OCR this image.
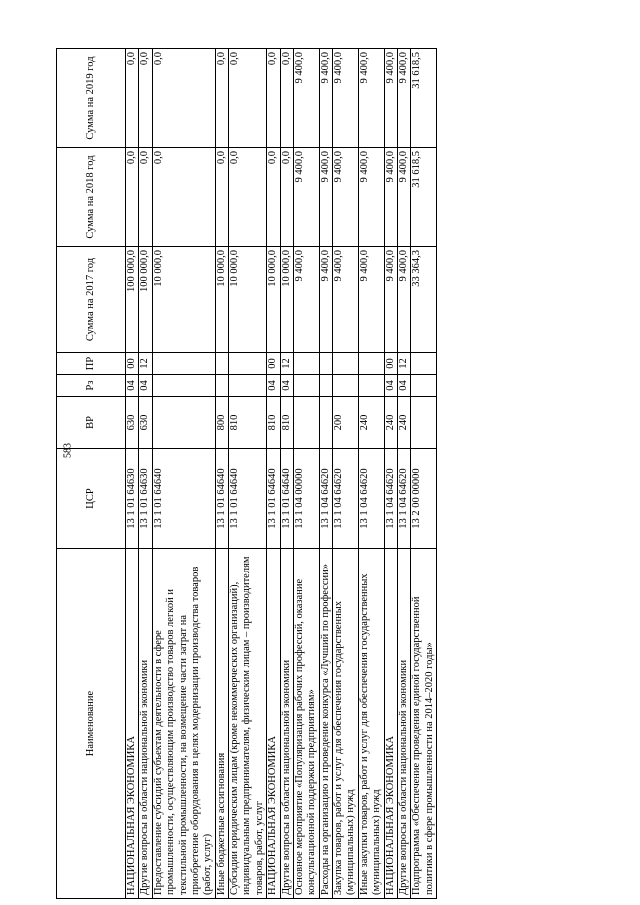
583
Наименование	ЦСР	ВР	Рз	ПР	Сумма на 2017 год	Сумма на 2018 год	Сумма на 2019 год
НАЦИОНАЛЬНАЯ ЭКОНОМИКА	13 1 01 64630	630	04	00	100 000,0	0,0	0,0
Другие вопросы в области национальной экономики	13 1 01 64630	630	04	12	100 000,0	0,0	0,0
Предоставление субсидий субъектам деятельности в сфере промышленности, осуществляющим производство товаров легкой и текстильной промышленности, на возмещение части затрат на приобретение оборудования в целях модернизации производства товаров (работ, услуг)	13 1 01 64640				10 000,0	0,0	0,0
Иные бюджетные ассигнования	13 1 01 64640	800			10 000,0	0,0	0,0
Субсидии юридическим лицам (кроме некоммерческих организаций), индивидуальным предпринимателям, физическим лицам – производителям товаров, работ, услуг	13 1 01 64640	810			10 000,0	0,0	0,0
НАЦИОНАЛЬНАЯ ЭКОНОМИКА	13 1 01 64640	810	04	00	10 000,0	0,0	0,0
Другие вопросы в области национальной экономики	13 1 01 64640	810	04	12	10 000,0	0,0	0,0
Основное мероприятие «Популяризация рабочих профессий, оказание консультационной поддержки предприятиям»	13 1 04 00000				9 400,0	9 400,0	9 400,0
Расходы на организацию и проведение конкурса «Лучший по профессии»	13 1 04 64620				9 400,0	9 400,0	9 400,0
Закупка товаров, работ и услуг для обеспечения государственных (муниципальных) нужд	13 1 04 64620	200			9 400,0	9 400,0	9 400,0
Иные закупки товаров, работ и услуг для обеспечения государственных (муниципальных) нужд	13 1 04 64620	240			9 400,0	9 400,0	9 400,0
НАЦИОНАЛЬНАЯ ЭКОНОМИКА	13 1 04 64620	240	04	00	9 400,0	9 400,0	9 400,0
Другие вопросы в области национальной экономики	13 1 04 64620	240	04	12	9 400,0	9 400,0	9 400,0
Подпрограмма «Обеспечение проведения единой государственной политики в сфере промышленности на 2014–2020 годы»	13 2 00 00000				33 364,3	31 618,5	31 618,5
